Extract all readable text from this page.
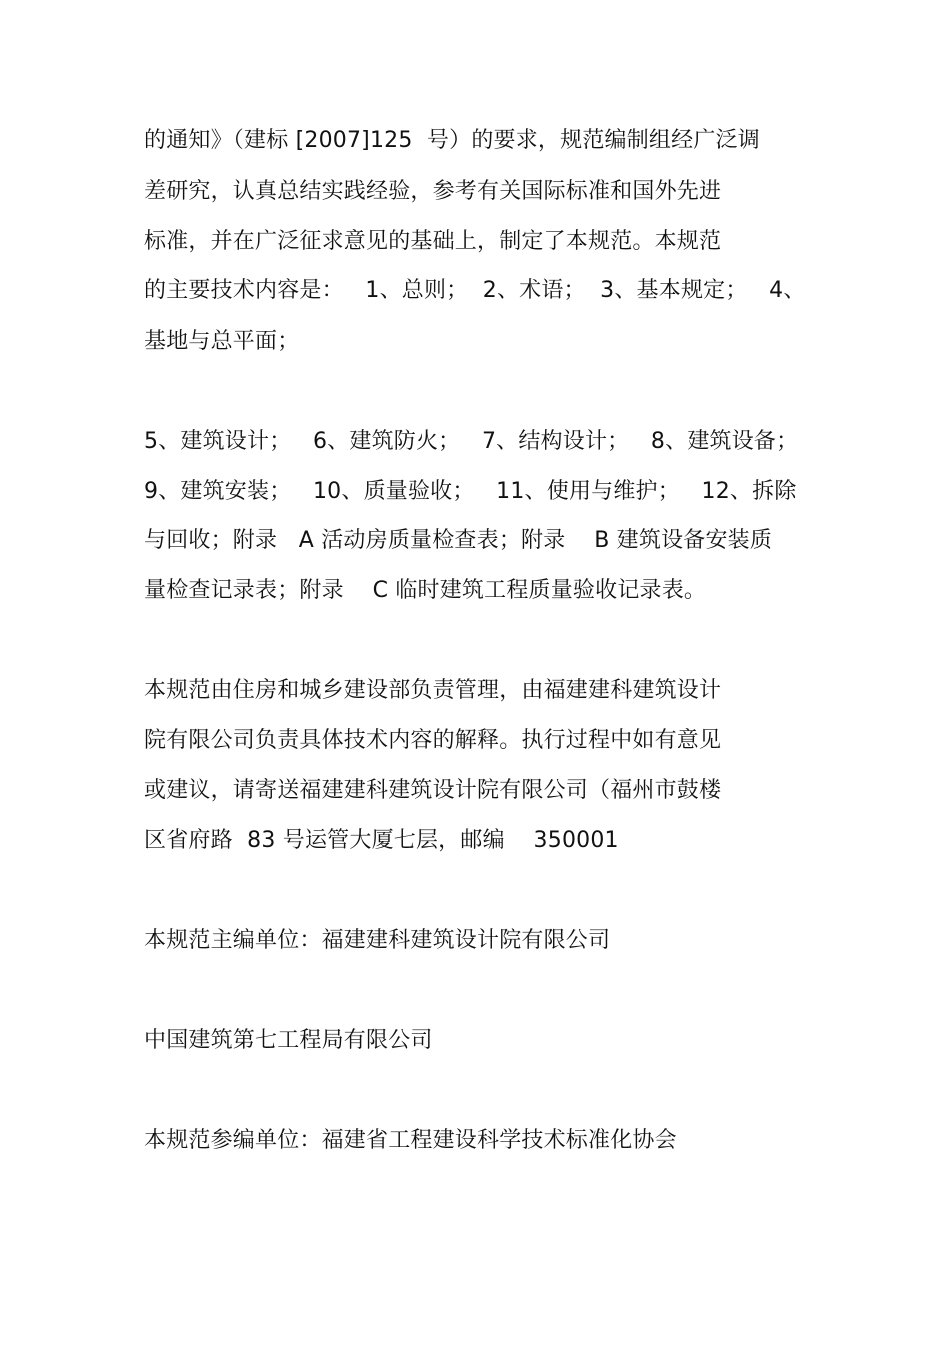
的通知》（建标 [2007]125  号）的要求，规范编制组经广泛调
差研究，认真总结实践经验，参考有关国际标准和国外先进
标准，并在广泛征求意见的基础上，制定了本规范。本规范
的主要技术内容是：   1、总则；  2、术语；  3、基本规定；   4、
基地与总平面；
5、建筑设计；   6、建筑防火；   7、结构设计；   8、建筑设备；
9、建筑安装；   10、质量验收；   11、使用与维护；   12、拆除
与回收；附录   A 活动房质量检查表；附录    B 建筑设备安装质
量检查记录表；附录    C 临时建筑工程质量验收记录表。
本规范由住房和城乡建设部负责管理，由福建建科建筑设计
院有限公司负责具体技术内容的解释。执行过程中如有意见
或建议，请寄送福建建科建筑设计院有限公司（福州市鼓楼
区省府路  83 号运管大厦七层，邮编    350001
本规范主编单位：福建建科建筑设计院有限公司
中国建筑第七工程局有限公司
本规范参编单位：福建省工程建设科学技术标准化协会
